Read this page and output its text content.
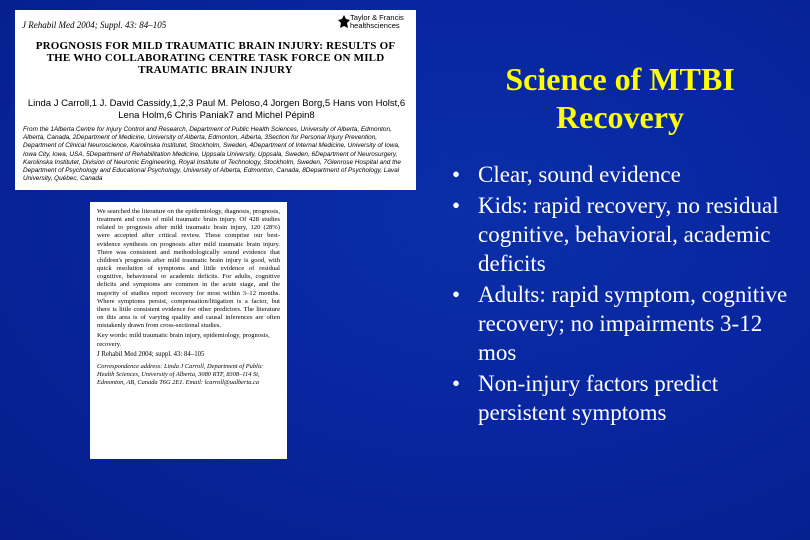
J Rehabil Med 2004; Suppl. 43: 84–105
Taylor & Francis healthsciences
PROGNOSIS FOR MILD TRAUMATIC BRAIN INJURY: RESULTS OF THE WHO COLLABORATING CENTRE TASK FORCE ON MILD TRAUMATIC BRAIN INJURY
Linda J Carroll,1 J. David Cassidy,1,2,3 Paul M. Peloso,4 Jorgen Borg,5 Hans von Holst,6 Lena Holm,6 Chris Paniak7 and Michel Pépin8
From the 1Alberta Centre for Injury Control and Research, Department of Public Health Sciences, University of Alberta, Edmonton, Alberta, Canada, 2Department of Medicine, University of Alberta, Edmonton, Alberta, 3Section for Personal Injury Prevention, Department of Clinical Neuroscience, Karolinska Institutet, Stockholm, Sweden, 4Department of Internal Medicine, University of Iowa, Iowa City, Iowa, USA, 5Department of Rehabilitation Medicine, Uppsala University, Uppsala, Sweden, 6Department of Neurosurgery, Karolinska Institutet, Division of Neuronic Engineering, Royal Institute of Technology, Stockholm, Sweden, 7Glenrose Hospital and the Department of Psychology and Educational Psychology, University of Alberta, Edmonton, Canada, 8Department of Psychology, Laval University, Québec, Canada
We searched the literature on the epidemiology, diagnosis, prognosis, treatment and costs of mild traumatic brain injury. Of 428 studies related to prognosis after mild traumatic brain injury, 120 (28%) were accepted after critical review. These comprise our best-evidence synthesis on prognosis after mild traumatic brain injury. There was consistent and methodologically sound evidence that children's prognosis after mild traumatic brain injury is good, with quick resolution of symptoms and little evidence of residual cognitive, behavioural or academic deficits. For adults, cognitive deficits and symptoms are common in the acute stage, and the majority of studies report recovery for most within 3–12 months. Where symptoms persist, compensation/litigation is a factor, but there is little consistent evidence for other predictors. The literature on this area is of varying quality and causal inferences are often mistakenly drawn from cross-sectional studies.
Key words: mild traumatic brain injury, epidemiology, prognosis, recovery.
J Rehabil Med 2004; suppl. 43: 84–105
Correspondence address: Linda J Carroll, Department of Public Health Sciences, University of Alberta, 3080 RTF, 8308–114 St, Edmonton, AB, Canada T6G 2E1. Email: lcarroll@ualberta.ca
Science of MTBI
Recovery
• Clear, sound evidence
• Kids: rapid recovery, no residual cognitive, behavioral, academic deficits
• Adults: rapid symptom, cognitive recovery; no impairments 3-12 mos
• Non-injury factors predict persistent symptoms
